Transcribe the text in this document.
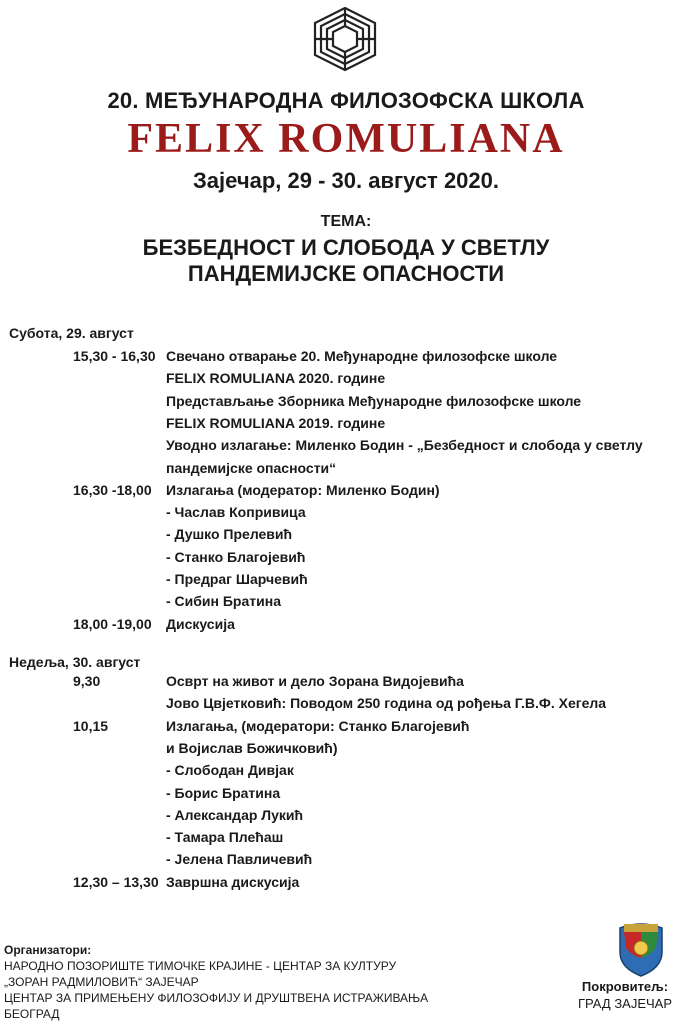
20. МЕЂУНАРОДНА ФИЛОЗОФСКА ШКОЛА
FELIX ROMULIANA
Зајечар, 29 - 30. август 2020.
ТЕМА:
БЕЗБЕДНОСТ И СЛОБОДА У СВЕТЛУ
ПАНДЕМИЈСКЕ ОПАСНОСТИ
Субота, 29. август
15,30 - 16,30 Свечано отварање 20. Међународне филозофске школе
FELIX ROMULIANA 2020. године
Представљање Зборника Међународне филозофске школе
FELIX ROMULIANA 2019. године
Уводно излагање: Миленко Бодин - „Безбедност и слобода у светлу
пандемијске опасности“
16,30 -18,00 Излагања (модератор: Миленко Бодин)
- Часлав Копривица
- Душко Прелевић
- Станко Благојевић
- Предраг Шарчевић
- Сибин Братина
18,00 -19,00 Дискусија
Недеља, 30. август
9,30	Осврт на живот и дело Зорана Видојевића
Јово Цвјетковић: Поводом 250 година од рођења Г.В.Ф. Хегела
10,15	Излагања, (модератори: Станко Благојевић
и Војислав Божичковић)
- Слободан Дивјак
- Борис Братина
- Александар Лукић
- Тамара Плећаш
- Јелена Павличевић
12,30 – 13,30 Завршна дискусија
Организатори:
НАРОДНО ПОЗОРИШТЕ ТИМОЧКЕ КРАЈИНЕ - ЦЕНТАР ЗА КУЛТУРУ
„ЗОРАН РАДМИЛОВИЋ“ ЗАЈЕЧАР
ЦЕНТАР ЗА ПРИМЕЊЕНУ ФИЛОЗОФИЈУ И ДРУШТВЕНА ИСТРАЖИВАЊА
БЕОГРАД
Покровитељ:
ГРАД ЗАЈЕЧАР
